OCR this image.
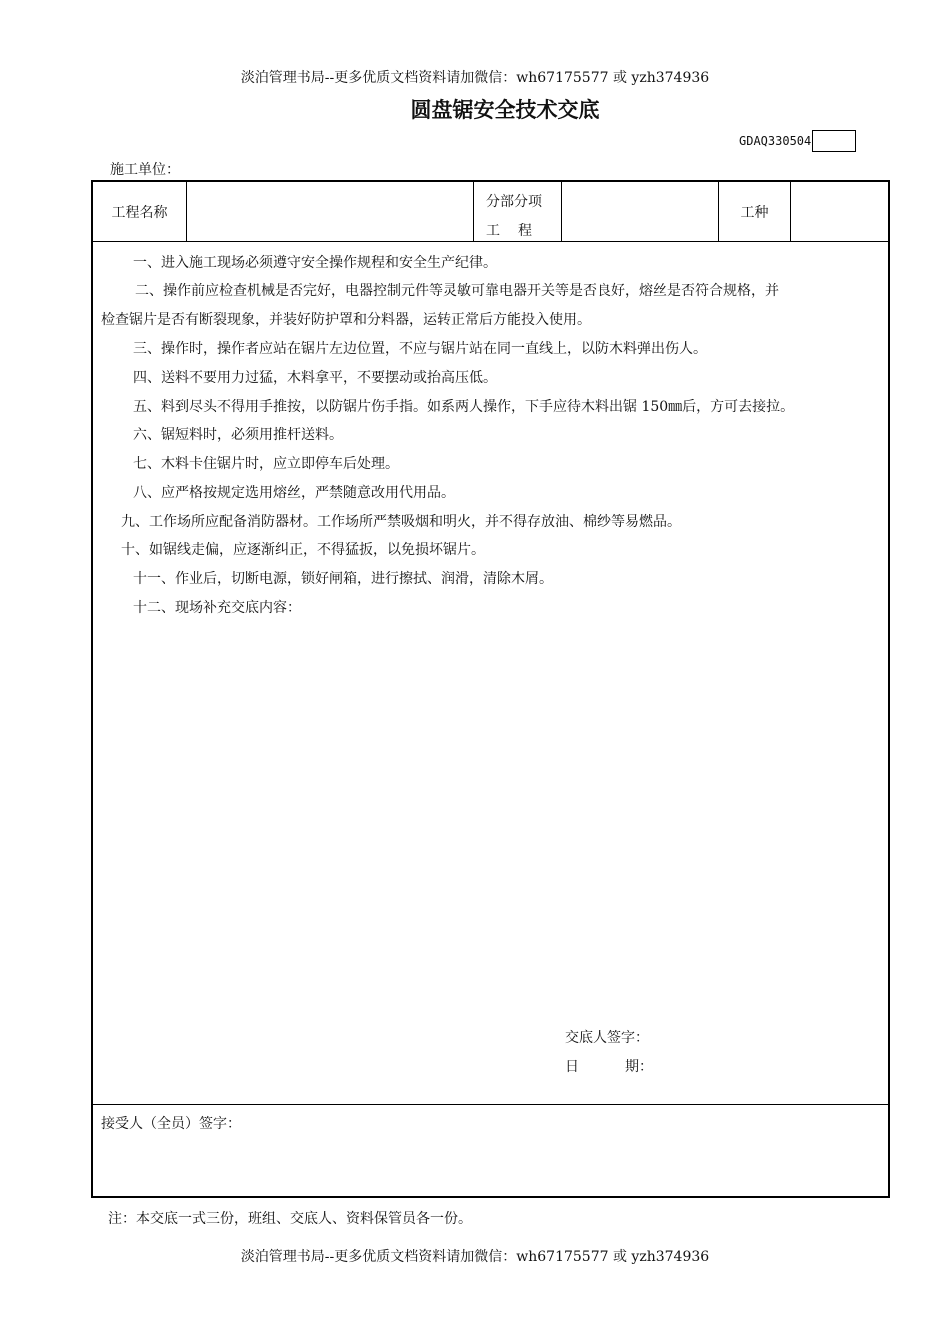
淡泊管理书局--更多优质文档资料请加微信：wh67175577 或 yzh374936
圆盘锯安全技术交底
GDAQ330504
施工单位：
工程名称
分部分项
工 程
工种
一、进入施工现场必须遵守安全操作规程和安全生产纪律。
二、操作前应检查机械是否完好，电器控制元件等灵敏可靠电器开关等是否良好，熔丝是否符合规格，并
检查锯片是否有断裂现象，并装好防护罩和分料器，运转正常后方能投入使用。
三、操作时，操作者应站在锯片左边位置，不应与锯片站在同一直线上，以防木料弹出伤人。
四、送料不要用力过猛，木料拿平，不要摆动或抬高压低。
五、料到尽头不得用手推按，以防锯片伤手指。如系两人操作，下手应待木料出锯 150㎜后，方可去接拉。
六、锯短料时，必须用推杆送料。
七、木料卡住锯片时，应立即停车后处理。
八、应严格按规定选用熔丝，严禁随意改用代用品。
九、工作场所应配备消防器材。工作场所严禁吸烟和明火，并不得存放油、棉纱等易燃品。
十、如锯线走偏，应逐渐纠正，不得猛扳，以免损坏锯片。
十一、作业后，切断电源，锁好闸箱，进行擦拭、润滑，清除木屑。
十二、现场补充交底内容：
交底人签字：
日	期：
接受人（全员）签字：
注：本交底一式三份，班组、交底人、资料保管员各一份。
淡泊管理书局--更多优质文档资料请加微信：wh67175577 或 yzh374936
